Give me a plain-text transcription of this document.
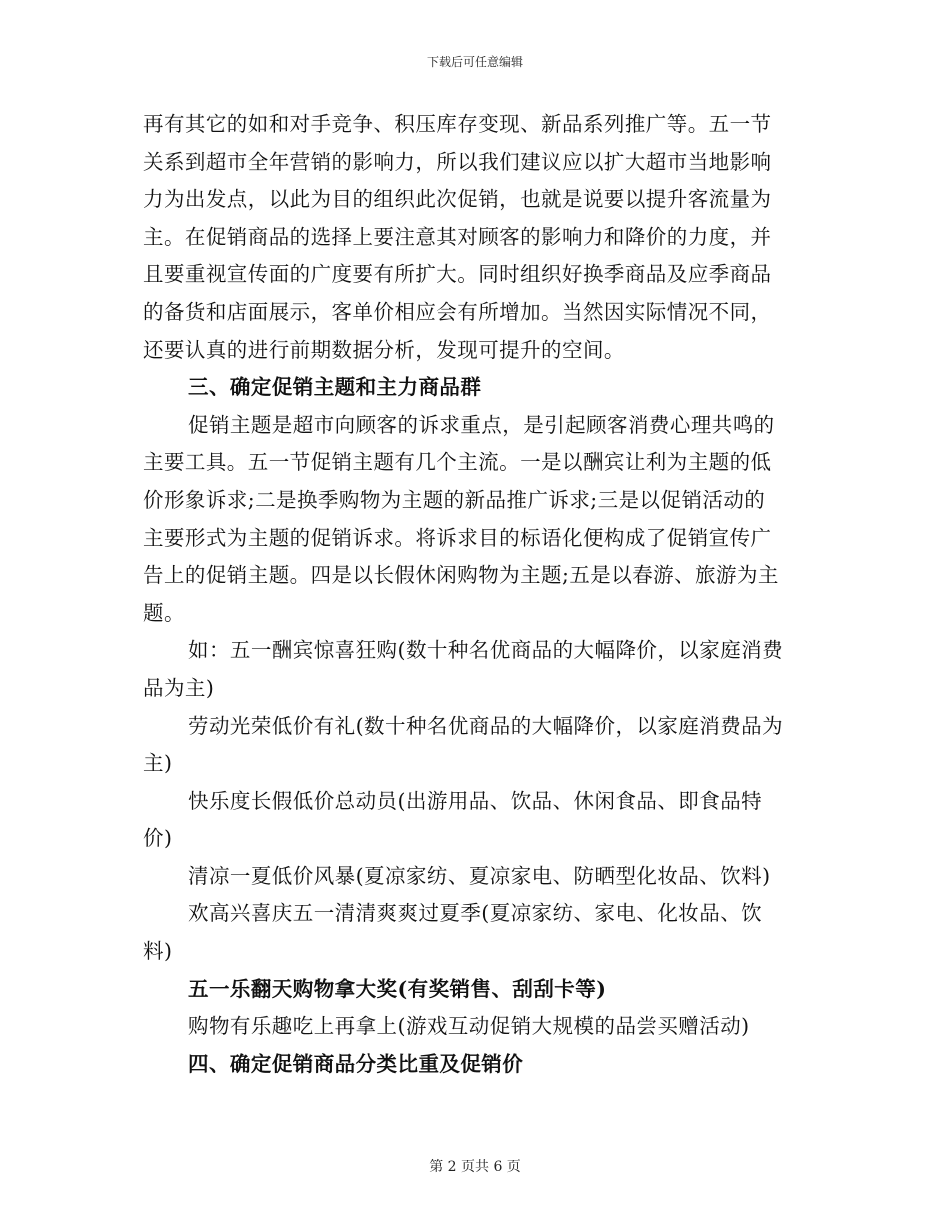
下载后可任意编辑
再有其它的如和对手竞争、积压库存变现、新品系列推广等。五一节
关系到超市全年营销的影响力，所以我们建议应以扩大超市当地影响
力为出发点，以此为目的组织此次促销，也就是说要以提升客流量为
主。在促销商品的选择上要注意其对顾客的影响力和降价的力度，并
且要重视宣传面的广度要有所扩大。同时组织好换季商品及应季商品
的备货和店面展示，客单价相应会有所增加。当然因实际情况不同，
还要认真的进行前期数据分析，发现可提升的空间。
三、确定促销主题和主力商品群
促销主题是超市向顾客的诉求重点，是引起顾客消费心理共鸣的
主要工具。五一节促销主题有几个主流。一是以酬宾让利为主题的低
价形象诉求;二是换季购物为主题的新品推广诉求;三是以促销活动的
主要形式为主题的促销诉求。将诉求目的标语化便构成了促销宣传广
告上的促销主题。四是以长假休闲购物为主题;五是以春游、旅游为主
题。
如：五一酬宾惊喜狂购(数十种名优商品的大幅降价，以家庭消费
品为主)
劳动光荣低价有礼(数十种名优商品的大幅降价，以家庭消费品为
主)
快乐度长假低价总动员(出游用品、饮品、休闲食品、即食品特
价)
清凉一夏低价风暴(夏凉家纺、夏凉家电、防晒型化妆品、饮料)
欢高兴喜庆五一清清爽爽过夏季(夏凉家纺、家电、化妆品、饮
料)
五一乐翻天购物拿大奖(有奖销售、刮刮卡等)
购物有乐趣吃上再拿上(游戏互动促销大规模的品尝买赠活动)
四、确定促销商品分类比重及促销价
第 2 页共 6 页
